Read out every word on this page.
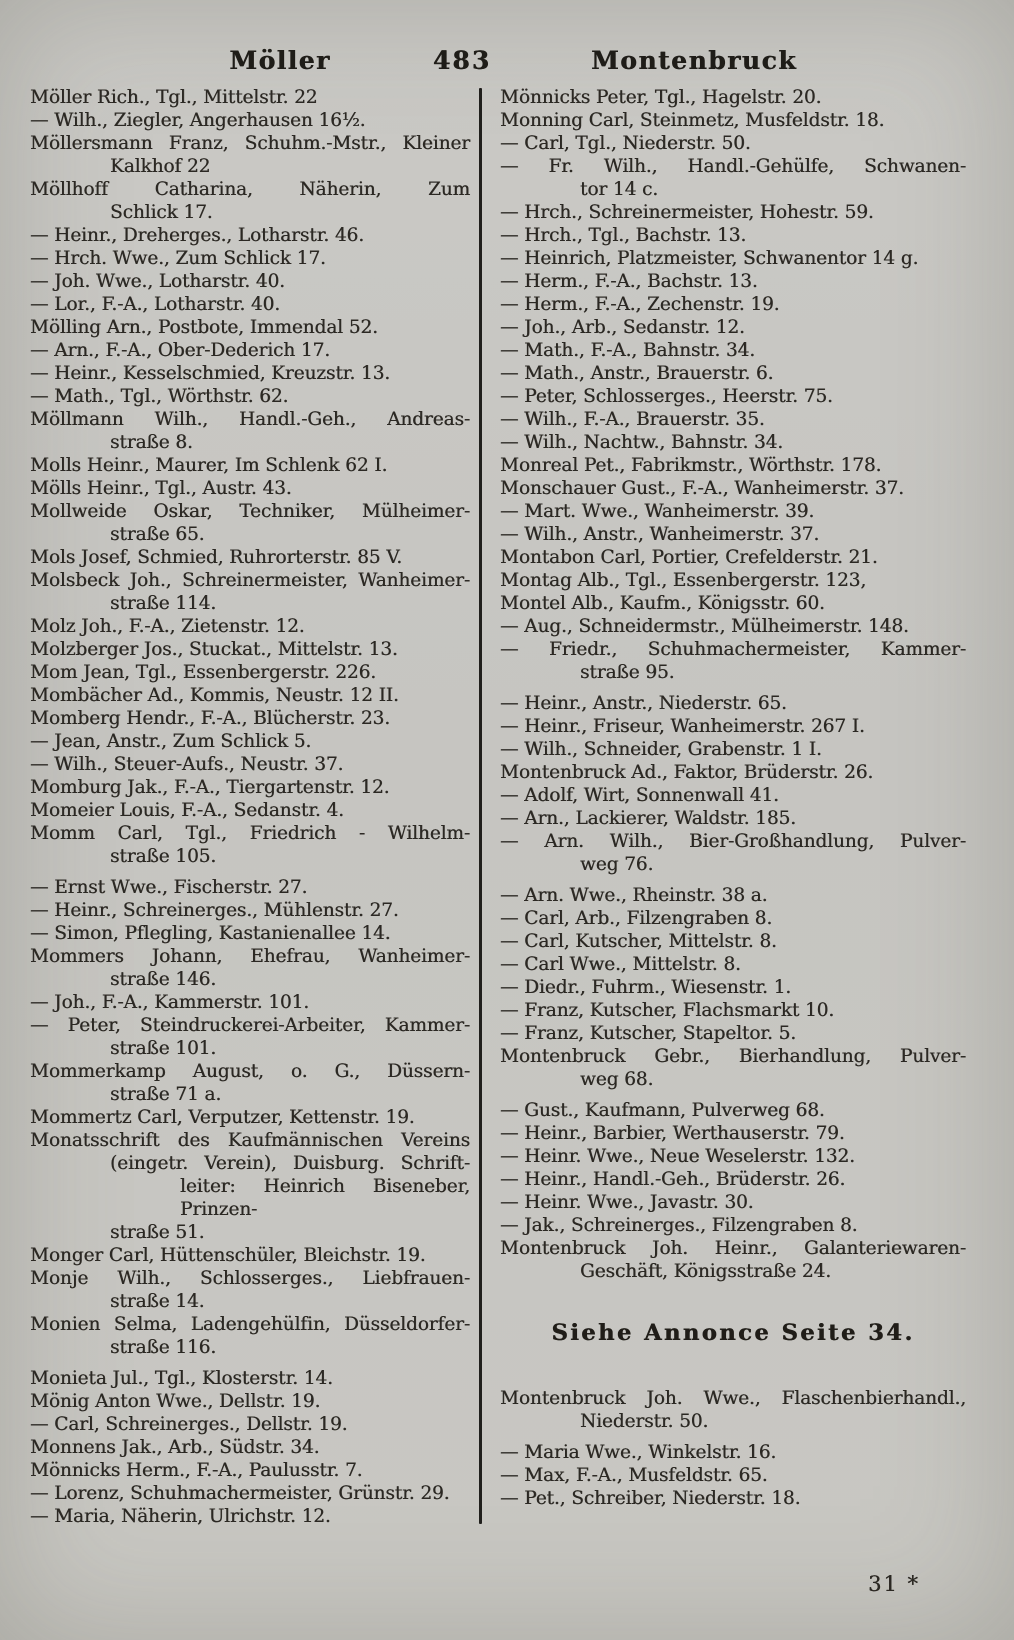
Möller	483	Montenbruck
Möller Rich., Tgl., Mittelstr. 22
— Wilh., Ziegler, Angerhausen 16½.
Möllersmann Franz, Schuhm.-Mstr., Kleiner
Kalkhof 22
Möllhoff Catharina, Näherin, Zum
Schlick 17.
— Heinr., Dreherges., Lotharstr. 46.
— Hrch. Wwe., Zum Schlick 17.
— Joh. Wwe., Lotharstr. 40.
— Lor., F.-A., Lotharstr. 40.
Mölling Arn., Postbote, Immendal 52.
— Arn., F.-A., Ober-Dederich 17.
— Heinr., Kesselschmied, Kreuzstr. 13.
— Math., Tgl., Wörthstr. 62.
Möllmann Wilh., Handl.-Geh., Andreas-
straße 8.
Molls Heinr., Maurer, Im Schlenk 62 I.
Mölls Heinr., Tgl., Austr. 43.
Mollweide Oskar, Techniker, Mülheimer-
straße 65.
Mols Josef, Schmied, Ruhrorterstr. 85 V.
Molsbeck Joh., Schreinermeister, Wanheimer-
straße 114.
Molz Joh., F.-A., Zietenstr. 12.
Molzberger Jos., Stuckat., Mittelstr. 13.
Mom Jean, Tgl., Essenbergerstr. 226.
Mombächer Ad., Kommis, Neustr. 12 II.
Momberg Hendr., F.-A., Blücherstr. 23.
— Jean, Anstr., Zum Schlick 5.
— Wilh., Steuer-Aufs., Neustr. 37.
Momburg Jak., F.-A., Tiergartenstr. 12.
Momeier Louis, F.-A., Sedanstr. 4.
Momm Carl, Tgl., Friedrich - Wilhelm-
straße 105.
— Ernst Wwe., Fischerstr. 27.
— Heinr., Schreinerges., Mühlenstr. 27.
— Simon, Pflegling, Kastanienallee 14.
Mommers Johann, Ehefrau, Wanheimer-
straße 146.
— Joh., F.-A., Kammerstr. 101.
— Peter, Steindruckerei-Arbeiter, Kammer-
straße 101.
Mommerkamp August, o. G., Düssern-
straße 71 a.
Mommertz Carl, Verputzer, Kettenstr. 19.
Monatsschrift des Kaufmännischen Vereins
(eingetr. Verein), Duisburg. Schrift-
leiter: Heinrich Biseneber, Prinzen-
straße 51.
Monger Carl, Hüttenschüler, Bleichstr. 19.
Monje Wilh., Schlosserges., Liebfrauen-
straße 14.
Monien Selma, Ladengehülfin, Düsseldorfer-
straße 116.
Monieta Jul., Tgl., Klosterstr. 14.
Mönig Anton Wwe., Dellstr. 19.
— Carl, Schreinerges., Dellstr. 19.
Monnens Jak., Arb., Südstr. 34.
Mönnicks Herm., F.-A., Paulusstr. 7.
— Lorenz, Schuhmachermeister, Grünstr. 29.
— Maria, Näherin, Ulrichstr. 12.
Mönnicks Peter, Tgl., Hagelstr. 20.
Monning Carl, Steinmetz, Musfeldstr. 18.
— Carl, Tgl., Niederstr. 50.
— Fr. Wilh., Handl.-Gehülfe, Schwanen-
tor 14 c.
— Hrch., Schreinermeister, Hohestr. 59.
— Hrch., Tgl., Bachstr. 13.
— Heinrich, Platzmeister, Schwanentor 14 g.
— Herm., F.-A., Bachstr. 13.
— Herm., F.-A., Zechenstr. 19.
— Joh., Arb., Sedanstr. 12.
— Math., F.-A., Bahnstr. 34.
— Math., Anstr., Brauerstr. 6.
— Peter, Schlosserges., Heerstr. 75.
— Wilh., F.-A., Brauerstr. 35.
— Wilh., Nachtw., Bahnstr. 34.
Monreal Pet., Fabrikmstr., Wörthstr. 178.
Monschauer Gust., F.-A., Wanheimerstr. 37.
— Mart. Wwe., Wanheimerstr. 39.
— Wilh., Anstr., Wanheimerstr. 37.
Montabon Carl, Portier, Crefelderstr. 21.
Montag Alb., Tgl., Essenbergerstr. 123,
Montel Alb., Kaufm., Königsstr. 60.
— Aug., Schneidermstr., Mülheimerstr. 148.
— Friedr., Schuhmachermeister, Kammer-
straße 95.
— Heinr., Anstr., Niederstr. 65.
— Heinr., Friseur, Wanheimerstr. 267 I.
— Wilh., Schneider, Grabenstr. 1 I.
Montenbruck Ad., Faktor, Brüderstr. 26.
— Adolf, Wirt, Sonnenwall 41.
— Arn., Lackierer, Waldstr. 185.
— Arn. Wilh., Bier-Großhandlung, Pulver-
weg 76.
— Arn. Wwe., Rheinstr. 38 a.
— Carl, Arb., Filzengraben 8.
— Carl, Kutscher, Mittelstr. 8.
— Carl Wwe., Mittelstr. 8.
— Diedr., Fuhrm., Wiesenstr. 1.
— Franz, Kutscher, Flachsmarkt 10.
— Franz, Kutscher, Stapeltor. 5.
Montenbruck Gebr., Bierhandlung, Pulver-
weg 68.
— Gust., Kaufmann, Pulverweg 68.
— Heinr., Barbier, Werthauserstr. 79.
— Heinr. Wwe., Neue Weselerstr. 132.
— Heinr., Handl.-Geh., Brüderstr. 26.
— Heinr. Wwe., Javastr. 30.
— Jak., Schreinerges., Filzengraben 8.
Montenbruck Joh. Heinr., Galanteriewaren-
Geschäft, Königsstraße 24.
Siehe Annonce Seite 34.
Montenbruck Joh. Wwe., Flaschenbierhandl.,
Niederstr. 50.
— Maria Wwe., Winkelstr. 16.
— Max, F.-A., Musfeldstr. 65.
— Pet., Schreiber, Niederstr. 18.
31 *
